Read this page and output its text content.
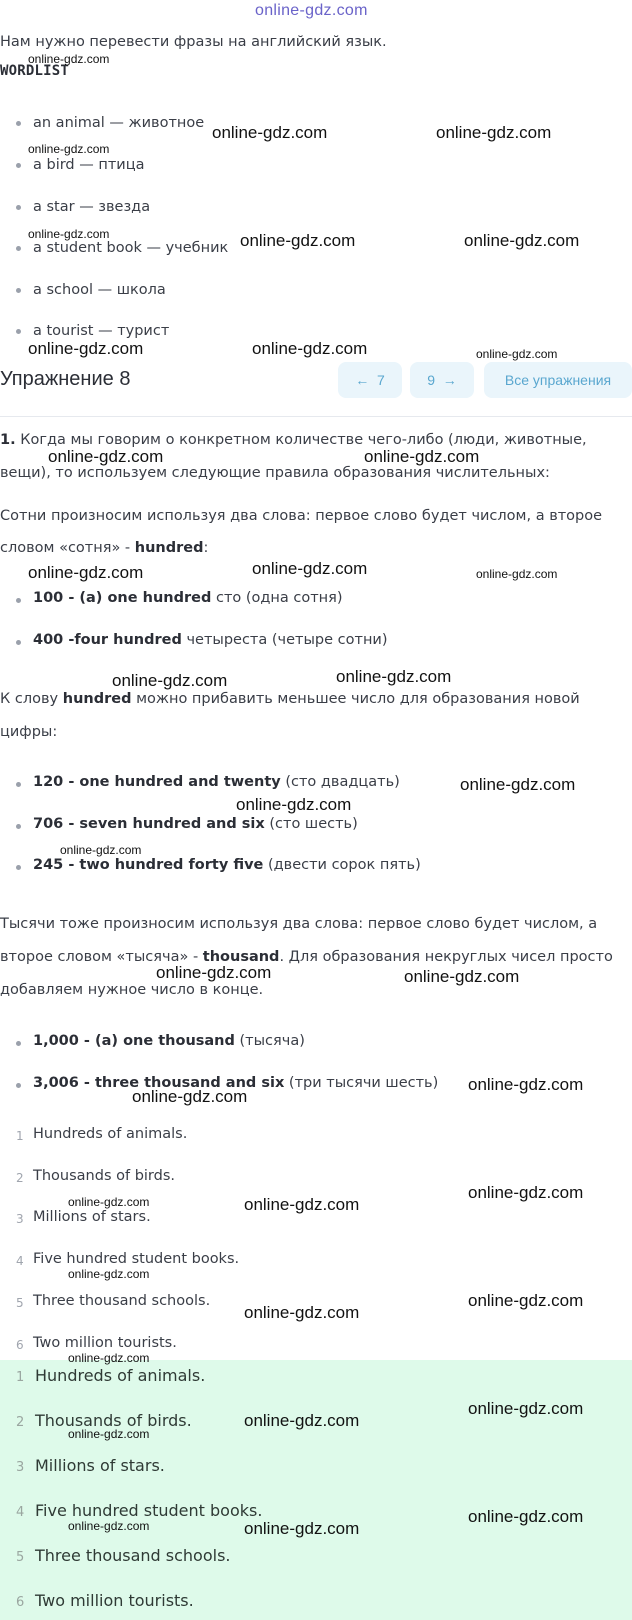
online-gdz.com
Нам нужно перевести фразы на английский язык.
WORDLIST
an animal — животное
a bird — птица
a star — звезда
a student book — учебник
a school — школа
a tourist — турист
Упражнение 8	← 7	9 →	Все упражнения
1. Когда мы говорим о конкретном количестве чего-либо (люди, животные,
вещи), то используем следующие правила образования числительных:
Сотни произносим используя два слова: первое слово будет числом, а второе
словом «сотня» - hundred:
100 - (a) one hundred сто (одна сотня)
400 -four hundred четыреста (четыре сотни)
К слову hundred можно прибавить меньшее число для образования новой
цифры:
120 - one hundred and twenty (сто двадцать)
706 - seven hundred and six (сто шесть)
245 - two hundred forty five (двести сорок пять)
Тысячи тоже произносим используя два слова: первое слово будет числом, а
второе словом «тысяча» - thousand. Для образования некруглых чисел просто
добавляем нужное число в конце.
1,000 - (a) one thousand (тысяча)
3,006 - three thousand and six (три тысячи шесть)
1 Hundreds of animals.
2 Thousands of birds.
3 Millions of stars.
4 Five hundred student books.
5 Three thousand schools.
6 Two million tourists.
1 Hundreds of animals.
2 Thousands of birds.
3 Millions of stars.
4 Five hundred student books.
5 Three thousand schools.
6 Two million tourists.
online-gdz.com
online-gdz.com	online-gdz.com
online-gdz.com
online-gdz.com	online-gdz.com	online-gdz.com
online-gdz.com	online-gdz.com	online-gdz.com
online-gdz.com	online-gdz.com
online-gdz.com	online-gdz.com	online-gdz.com
online-gdz.com	online-gdz.com
online-gdz.com
online-gdz.com
online-gdz.com
online-gdz.com	online-gdz.com
online-gdz.com
online-gdz.com
online-gdz.com
online-gdz.com	online-gdz.com
online-gdz.com
online-gdz.com
online-gdz.com
online-gdz.com
online-gdz.com
online-gdz.com
online-gdz.com
online-gdz.com
online-gdz.com
online-gdz.com
